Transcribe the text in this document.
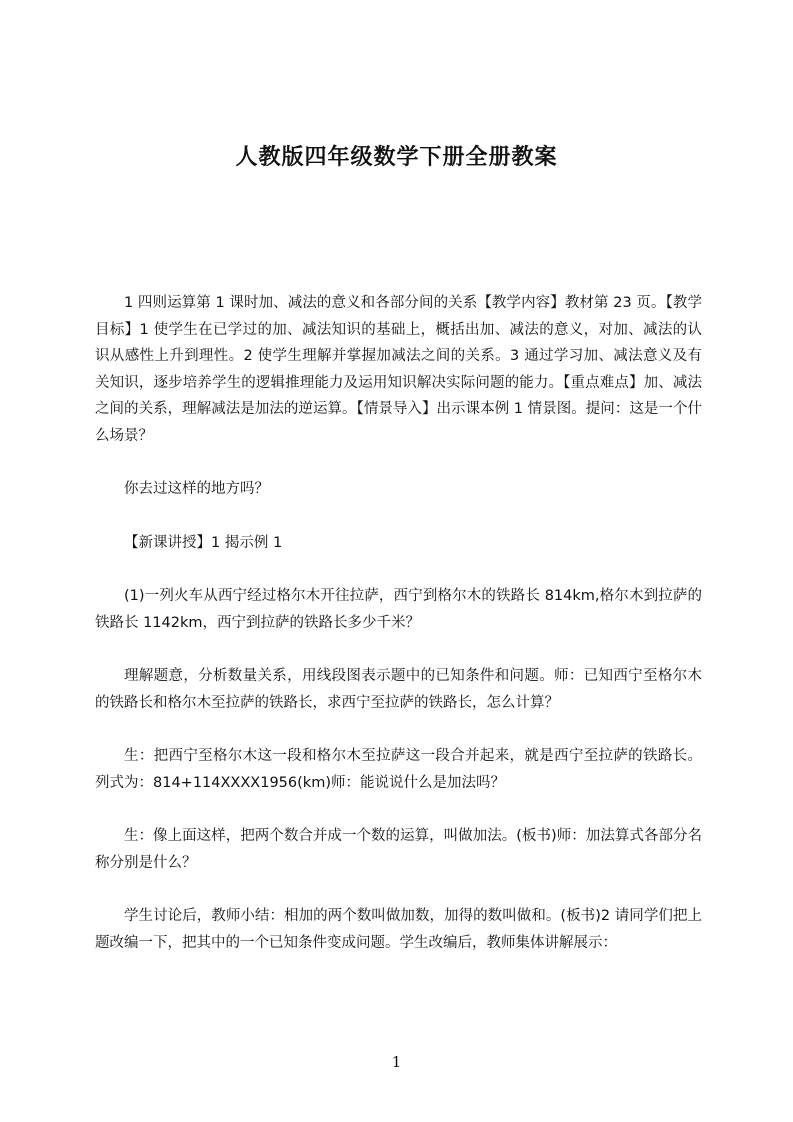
人教版四年级数学下册全册教案

1 四则运算第 1 课时加、减法的意义和各部分间的关系【教学内容】教材第 23 页。【教学目标】1 使学生在已学过的加、减法知识的基础上，概括出加、减法的意义，对加、减法的认识从感性上升到理性。2 使学生理解并掌握加减法之间的关系。3 通过学习加、减法意义及有关知识，逐步培养学生的逻辑推理能力及运用知识解决实际问题的能力。【重点难点】加、减法之间的关系，理解减法是加法的逆运算。【情景导入】出示课本例 1 情景图。提问：这是一个什么场景？

你去过这样的地方吗？

【新课讲授】1 揭示例 1

(1)一列火车从西宁经过格尔木开往拉萨，西宁到格尔木的铁路长 814km,格尔木到拉萨的铁路长 1142km，西宁到拉萨的铁路长多少千米？

理解题意，分析数量关系，用线段图表示题中的已知条件和问题。师：已知西宁至格尔木的铁路长和格尔木至拉萨的铁路长，求西宁至拉萨的铁路长，怎么计算？

生：把西宁至格尔木这一段和格尔木至拉萨这一段合并起来，就是西宁至拉萨的铁路长。列式为：814+114XXXX1956(km)师：能说说什么是加法吗？

生：像上面这样，把两个数合并成一个数的运算，叫做加法。(板书)师：加法算式各部分名称分别是什么？

学生讨论后，教师小结：相加的两个数叫做加数，加得的数叫做和。(板书)2 请同学们把上题改编一下，把其中的一个已知条件变成问题。学生改编后，教师集体讲解展示：

1
